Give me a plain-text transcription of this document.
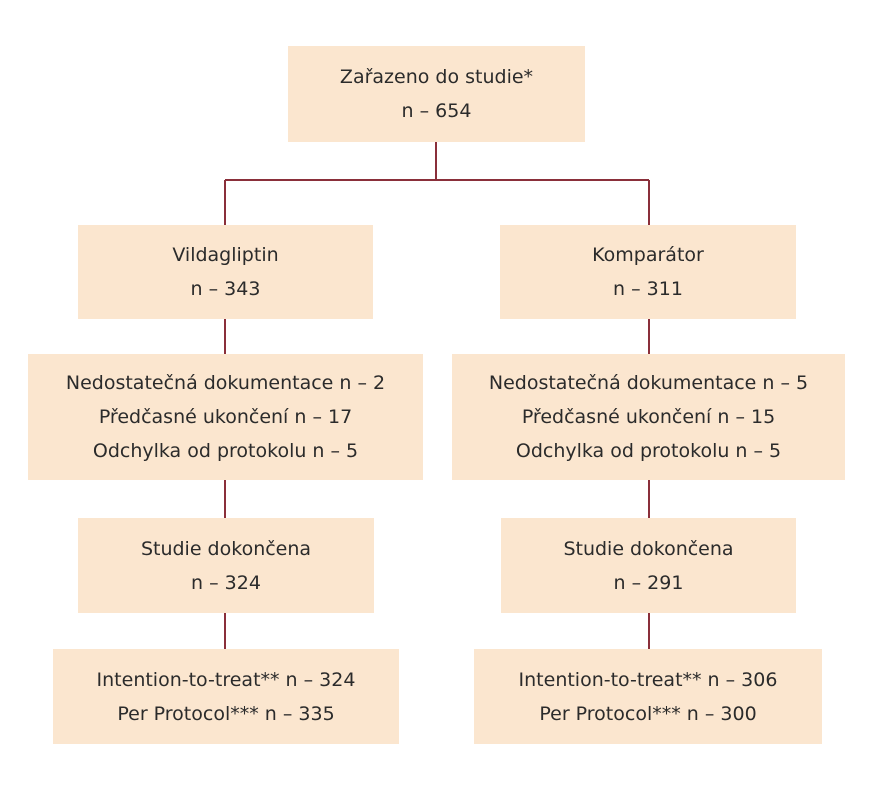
Zařazeno do studie*
n – 654
Vildagliptin
n – 343
Komparátor
n – 311
Nedostatečná dokumentace n – 2
Předčasné ukončení n – 17
Odchylka od protokolu n – 5
Nedostatečná dokumentace n – 5
Předčasné ukončení n – 15
Odchylka od protokolu n – 5
Studie dokončena
n – 324
Studie dokončena
n – 291
Intention-to-treat** n – 324
Per Protocol*** n – 335
Intention-to-treat** n – 306
Per Protocol*** n – 300
